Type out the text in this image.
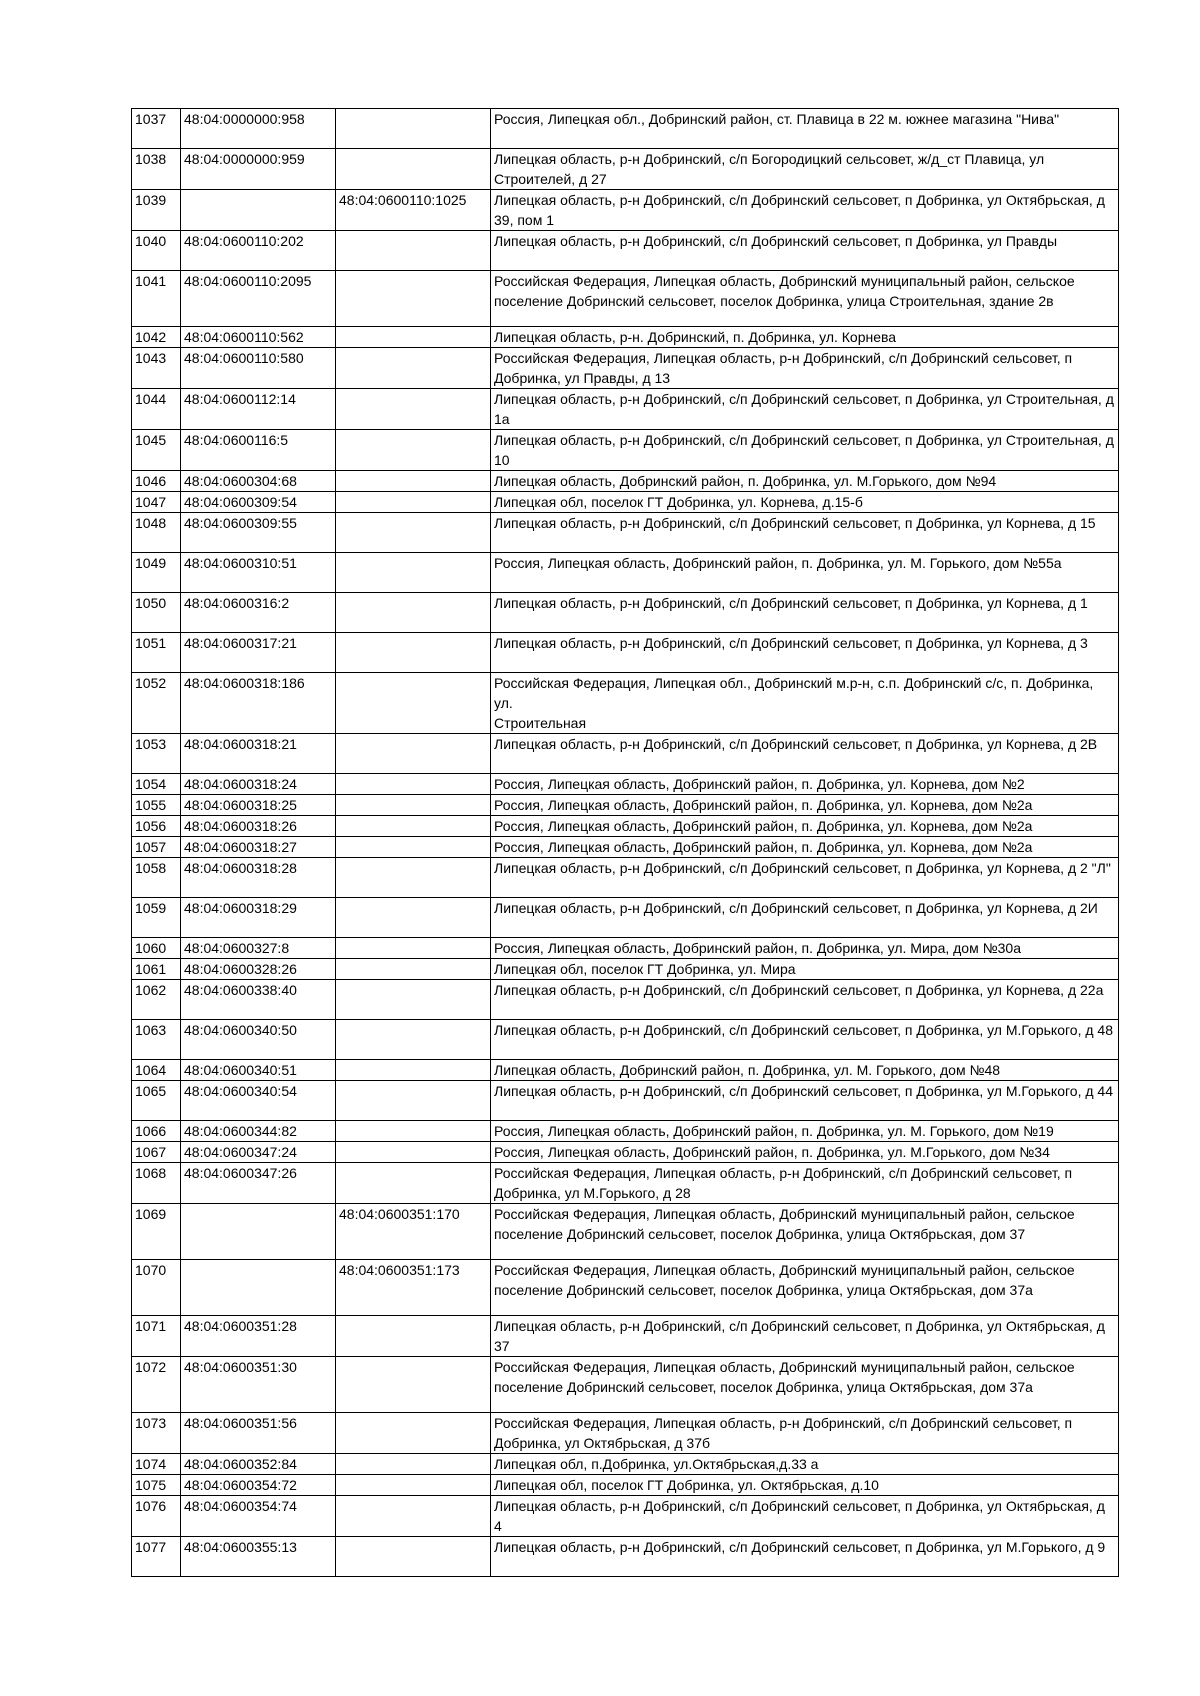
1037	48:04:0000000:958		Россия, Липецкая обл., Добринский район, ст. Плавица в 22 м. южнее магазина "Нива"
1038	48:04:0000000:959		Липецкая область, р-н Добринский, с/п Богородицкий сельсовет, ж/д_ст Плавица, ул Строителей, д 27
1039		48:04:0600110:1025	Липецкая область, р-н Добринский, с/п Добринский сельсовет, п Добринка, ул Октябрьская, д 39, пом 1
1040	48:04:0600110:202		Липецкая область, р-н Добринский, с/п Добринский сельсовет, п Добринка, ул Правды
1041	48:04:0600110:2095		Российская Федерация, Липецкая область, Добринский муниципальный район, сельское поселение Добринский сельсовет, поселок Добринка, улица Строительная, здание 2в
1042	48:04:0600110:562		Липецкая область, р-н. Добринский, п. Добринка, ул. Корнева
1043	48:04:0600110:580		Российская Федерация, Липецкая область, р-н Добринский, с/п Добринский сельсовет, п Добринка, ул Правды, д 13
1044	48:04:0600112:14		Липецкая область, р-н Добринский, с/п Добринский сельсовет, п Добринка, ул Строительная, д 1а
1045	48:04:0600116:5		Липецкая область, р-н Добринский, с/п Добринский сельсовет, п Добринка, ул Строительная, д 10
1046	48:04:0600304:68		Липецкая область, Добринский район, п. Добринка, ул. М.Горького, дом №94
1047	48:04:0600309:54		Липецкая обл, поселок ГТ Добринка, ул. Корнева, д.15-б
1048	48:04:0600309:55		Липецкая область, р-н Добринский, с/п Добринский сельсовет, п Добринка, ул Корнева, д 15
1049	48:04:0600310:51		Россия, Липецкая область, Добринский район, п. Добринка, ул. М. Горького, дом №55а
1050	48:04:0600316:2		Липецкая область, р-н Добринский, с/п Добринский сельсовет, п Добринка, ул Корнева, д 1
1051	48:04:0600317:21		Липецкая область, р-н Добринский, с/п Добринский сельсовет, п Добринка, ул Корнева, д 3
1052	48:04:0600318:186		Российская Федерация, Липецкая обл., Добринский м.р-н, с.п. Добринский с/с, п. Добринка, ул.
Строительная
1053	48:04:0600318:21		Липецкая область, р-н Добринский, с/п Добринский сельсовет, п Добринка, ул Корнева, д 2В
1054	48:04:0600318:24		Россия, Липецкая область, Добринский район, п. Добринка, ул. Корнева, дом №2
1055	48:04:0600318:25		Россия, Липецкая область, Добринский район, п. Добринка, ул. Корнева, дом №2а
1056	48:04:0600318:26		Россия, Липецкая область, Добринский район, п. Добринка, ул. Корнева, дом №2а
1057	48:04:0600318:27		Россия, Липецкая область, Добринский район, п. Добринка, ул. Корнева, дом №2а
1058	48:04:0600318:28		Липецкая область, р-н Добринский, с/п Добринский сельсовет, п Добринка, ул Корнева, д 2 "Л"
1059	48:04:0600318:29		Липецкая область, р-н Добринский, с/п Добринский сельсовет, п Добринка, ул Корнева, д 2И
1060	48:04:0600327:8		Россия, Липецкая область, Добринский район, п. Добринка, ул. Мира, дом №30а
1061	48:04:0600328:26		Липецкая обл, поселок ГТ Добринка, ул. Мира
1062	48:04:0600338:40		Липецкая область, р-н Добринский, с/п Добринский сельсовет, п Добринка, ул Корнева, д 22а
1063	48:04:0600340:50		Липецкая область, р-н Добринский, с/п Добринский сельсовет, п Добринка, ул М.Горького, д 48
1064	48:04:0600340:51		Липецкая область, Добринский район, п. Добринка, ул. М. Горького, дом №48
1065	48:04:0600340:54		Липецкая область, р-н Добринский, с/п Добринский сельсовет, п Добринка, ул М.Горького, д 44
1066	48:04:0600344:82		Россия, Липецкая область, Добринский район, п. Добринка, ул. М. Горького, дом №19
1067	48:04:0600347:24		Россия, Липецкая область, Добринский район, п. Добринка, ул. М.Горького, дом №34
1068	48:04:0600347:26		Российская Федерация, Липецкая область, р-н Добринский, с/п Добринский сельсовет, п Добринка, ул М.Горького, д 28
1069		48:04:0600351:170	Российская Федерация, Липецкая область, Добринский муниципальный район, сельское поселение Добринский сельсовет, поселок Добринка, улица Октябрьская, дом 37
1070		48:04:0600351:173	Российская Федерация, Липецкая область, Добринский муниципальный район, сельское поселение Добринский сельсовет, поселок Добринка, улица Октябрьская, дом 37а
1071	48:04:0600351:28		Липецкая область, р-н Добринский, с/п Добринский сельсовет, п Добринка, ул Октябрьская, д 37
1072	48:04:0600351:30		Российская Федерация, Липецкая область, Добринский муниципальный район, сельское поселение Добринский сельсовет, поселок Добринка, улица Октябрьская, дом 37а
1073	48:04:0600351:56		Российская Федерация, Липецкая область, р-н Добринский, с/п Добринский сельсовет, п Добринка, ул Октябрьская, д 37б
1074	48:04:0600352:84		Липецкая обл, п.Добринка, ул.Октябрьская,д.33 а
1075	48:04:0600354:72		Липецкая обл, поселок ГТ Добринка, ул. Октябрьская, д.10
1076	48:04:0600354:74		Липецкая область, р-н Добринский, с/п Добринский сельсовет, п Добринка, ул Октябрьская, д 4
1077	48:04:0600355:13		Липецкая область, р-н Добринский, с/п Добринский сельсовет, п Добринка, ул М.Горького, д 9
